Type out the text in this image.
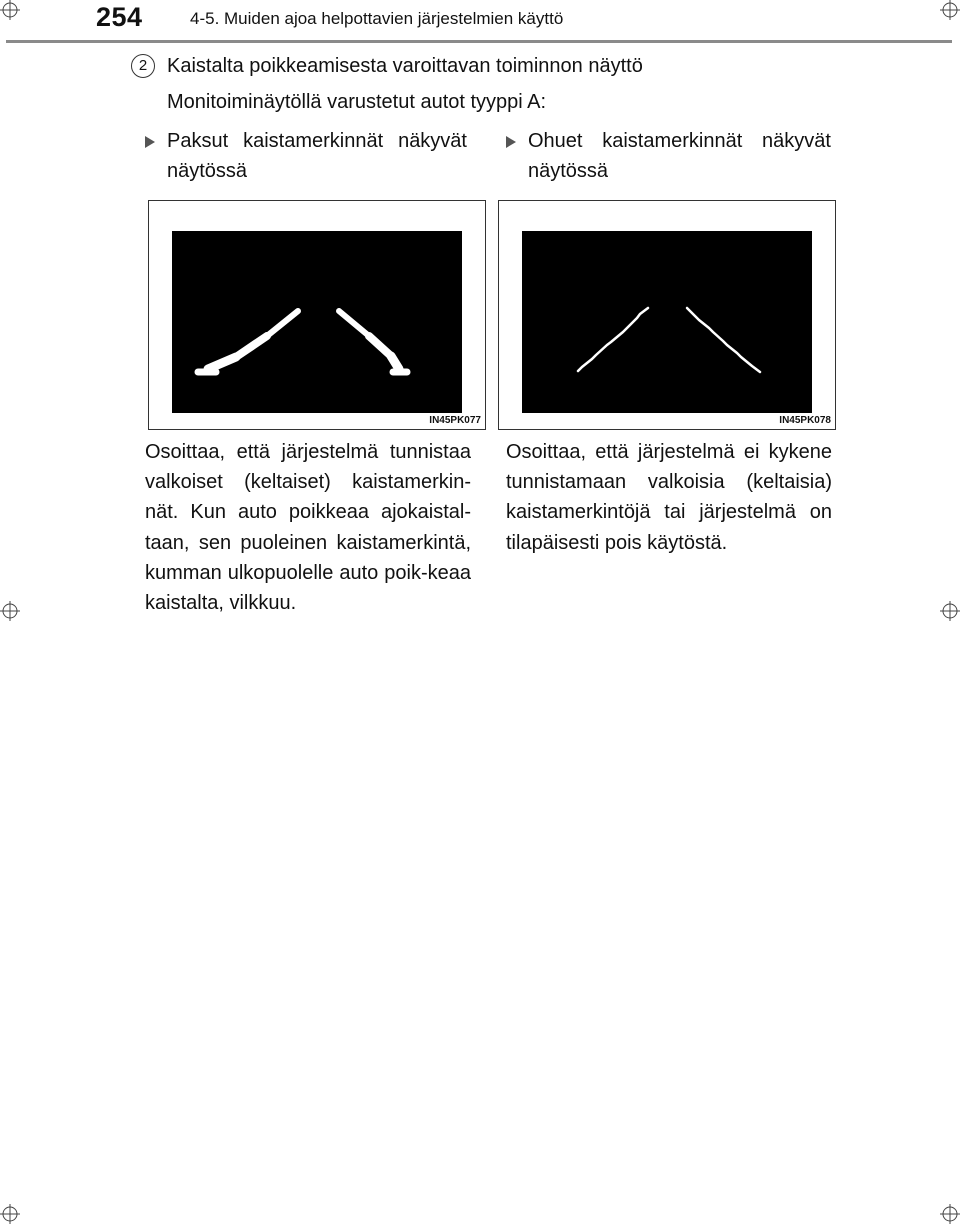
254	4-5. Muiden ajoa helpottavien järjestelmien käyttö
2 Kaistalta poikkeamisesta varoittavan toiminnon näyttö
Monitoiminäytöllä varustetut autot tyyppi A:
Paksut kaistamerkinnät näkyvät näytössä
IN45PK077
Osoittaa, että järjestelmä tunnistaa valkoiset (keltaiset) kaistamerkin-nät. Kun auto poikkeaa ajokaistal-taan, sen puoleinen kaistamerkintä, kumman ulkopuolelle auto poik-keaa kaistalta, vilkkuu.
Ohuet kaistamerkinnät näkyvät näytössä
IN45PK078
Osoittaa, että järjestelmä ei kykene tunnistamaan valkoisia (keltaisia) kaistamerkintöjä tai järjestelmä on tilapäisesti pois käytöstä.
